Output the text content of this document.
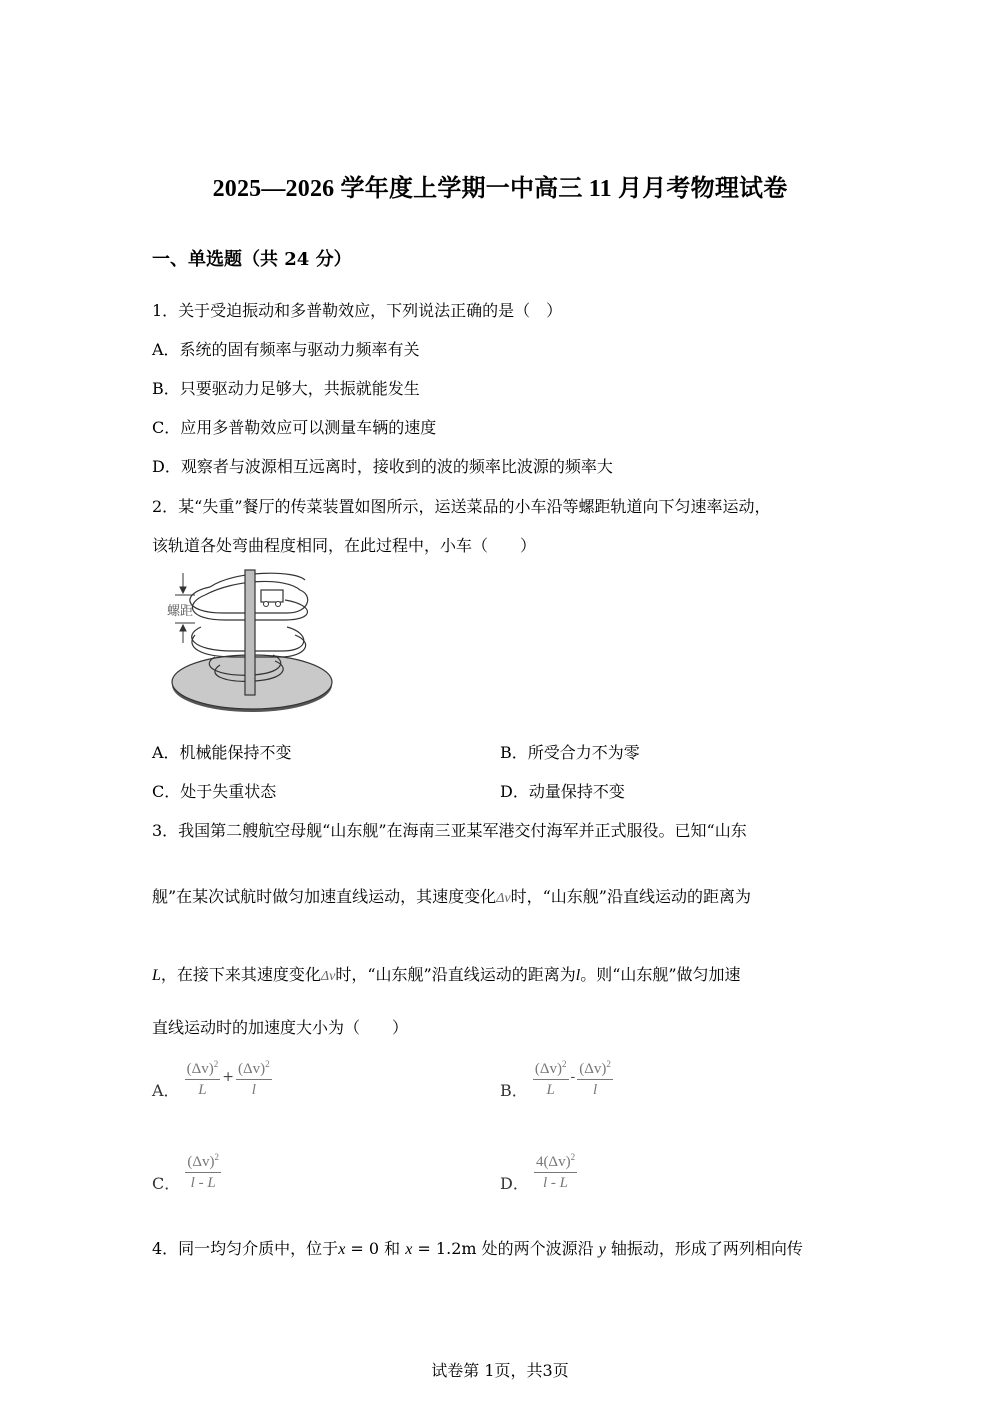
2025—2026 学年度上学期一中高三 11 月月考物理试卷
一、单选题（共 24 分）
1．关于受迫振动和多普勒效应，下列说法正确的是（　）
A．系统的固有频率与驱动力频率有关
B．只要驱动力足够大，共振就能发生
C．应用多普勒效应可以测量车辆的速度
D．观察者与波源相互远离时，接收到的波的频率比波源的频率大
2．某“失重”餐厅的传菜装置如图所示，运送菜品的小车沿等螺距轨道向下匀速率运动，
该轨道各处弯曲程度相同，在此过程中，小车（　　）
螺距
A．机械能保持不变	B．所受合力不为零
C．处于失重状态	D．动量保持不变
3．我国第二艘航空母舰“山东舰”在海南三亚某军港交付海军并正式服役。已知“山东
舰”在某次试航时做匀加速直线运动，其速度变化Δv时，“山东舰”沿直线运动的距离为
L，在接下来其速度变化Δv时，“山东舰”沿直线运动的距离为l。则“山东舰”做匀加速
直线运动时的加速度大小为（　　）
A． $\frac{(\Delta v)^2}{L} + \frac{(\Delta v)^2}{l}$	B． $\frac{(\Delta v)^2}{L} - \frac{(\Delta v)^2}{l}$
C． $\frac{(\Delta v)^2}{l - L}$	D． $\frac{4(\Delta v)^2}{l - L}$
4．同一均匀介质中，位于x = 0 和 x = 1.2m 处的两个波源沿 y 轴振动，形成了两列相向传
试卷第 1页，共3页
